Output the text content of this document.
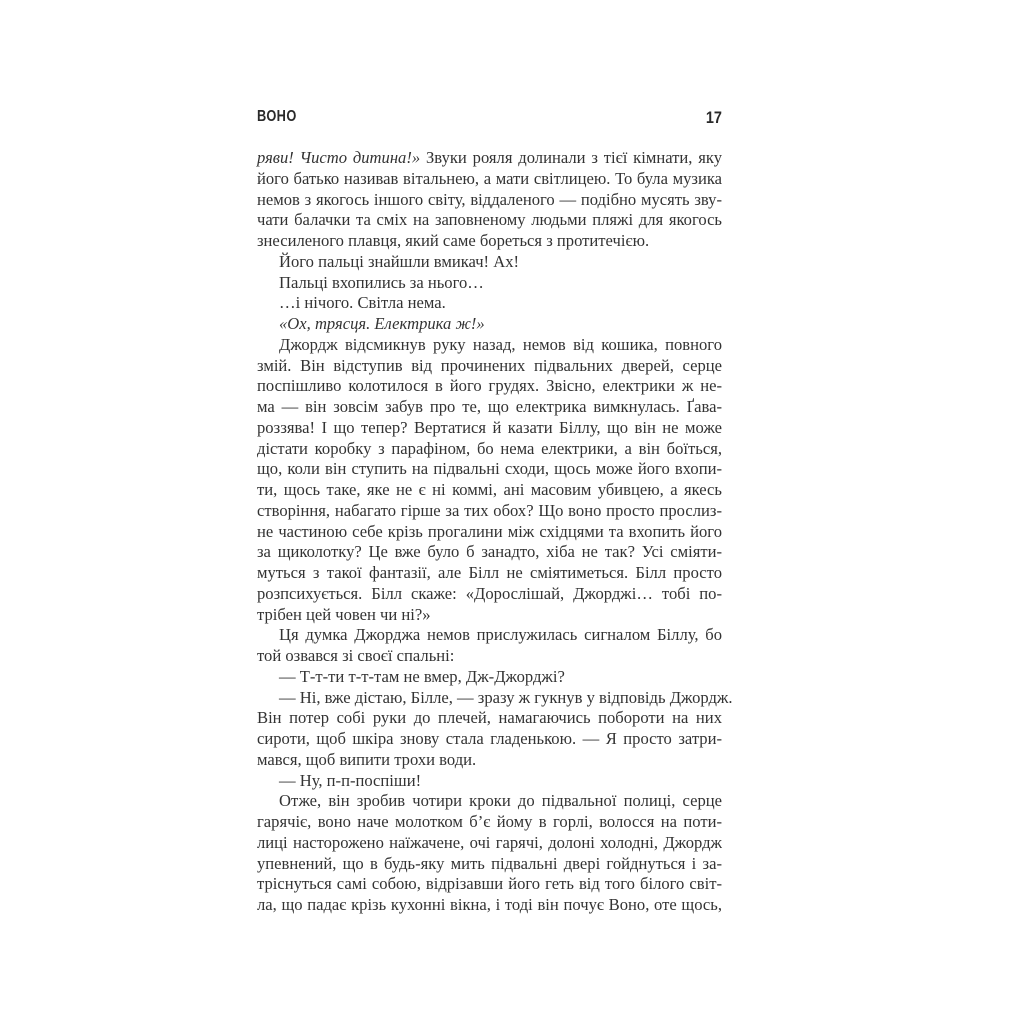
ВОНО	17
ряви! Чисто дитина!» Звуки рояля долинали з тієї кімнати, яку
його батько називав вітальнею, а мати світлицею. То була музика
немов з якогось іншого світу, віддаленого — подібно мусять зву-
чати балачки та сміх на заповненому людьми пляжі для якогось
знесиленого плавця, який саме бореться з протитечією.
Його пальці знайшли вмикач! Ах!
Пальці вхопились за нього…
…і нічого. Світла нема.
«Ох, трясця. Електрика ж!»
Джордж відсмикнув руку назад, немов від кошика, повного
змій. Він відступив від прочинених підвальних дверей, серце
поспішливо колотилося в його грудях. Звісно, електрики ж не-
ма — він зовсім забув про те, що електрика вимкнулась. Ґава-
роззява! І що тепер? Вертатися й казати Біллу, що він не може
дістати коробку з парафіном, бо нема електрики, а він боїться,
що, коли він ступить на підвальні сходи, щось може його вхопи-
ти, щось таке, яке не є ні коммі, ані масовим убивцею, а якесь
створіння, набагато гірше за тих обох? Що воно просто прослиз-
не частиною себе крізь прогалини між східцями та вхопить його
за щиколотку? Це вже було б занадто, хіба не так? Усі сміяти-
муться з такої фантазії, але Білл не сміятиметься. Білл просто
розпсихується. Білл скаже: «Дорослішай, Джорджі… тобі по-
трібен цей човен чи ні?»
Ця думка Джорджа немов прислужилась сигналом Біллу, бо
той озвався зі своєї спальні:
— Т-т-ти т-т-там не вмер, Дж-Джорджі?
— Ні, вже дістаю, Білле, — зразу ж гукнув у відповідь Джордж.
Він потер собі руки до плечей, намагаючись побороти на них
сироти, щоб шкіра знову стала гладенькою. — Я просто затри-
мався, щоб випити трохи води.
— Ну, п-п-поспіши!
Отже, він зробив чотири кроки до підвальної полиці, серце
гарячіє, воно наче молотком б’є йому в горлі, волосся на поти-
лиці настороженo наїжачене, очі гарячі, долоні холодні, Джордж
упевнений, що в будь-яку мить підвальні двері гойднуться і за-
тріснуться самі собою, відрізавши його геть від того білого світ-
ла, що падає крізь кухонні вікна, і тоді він почує Воно, оте щось,
